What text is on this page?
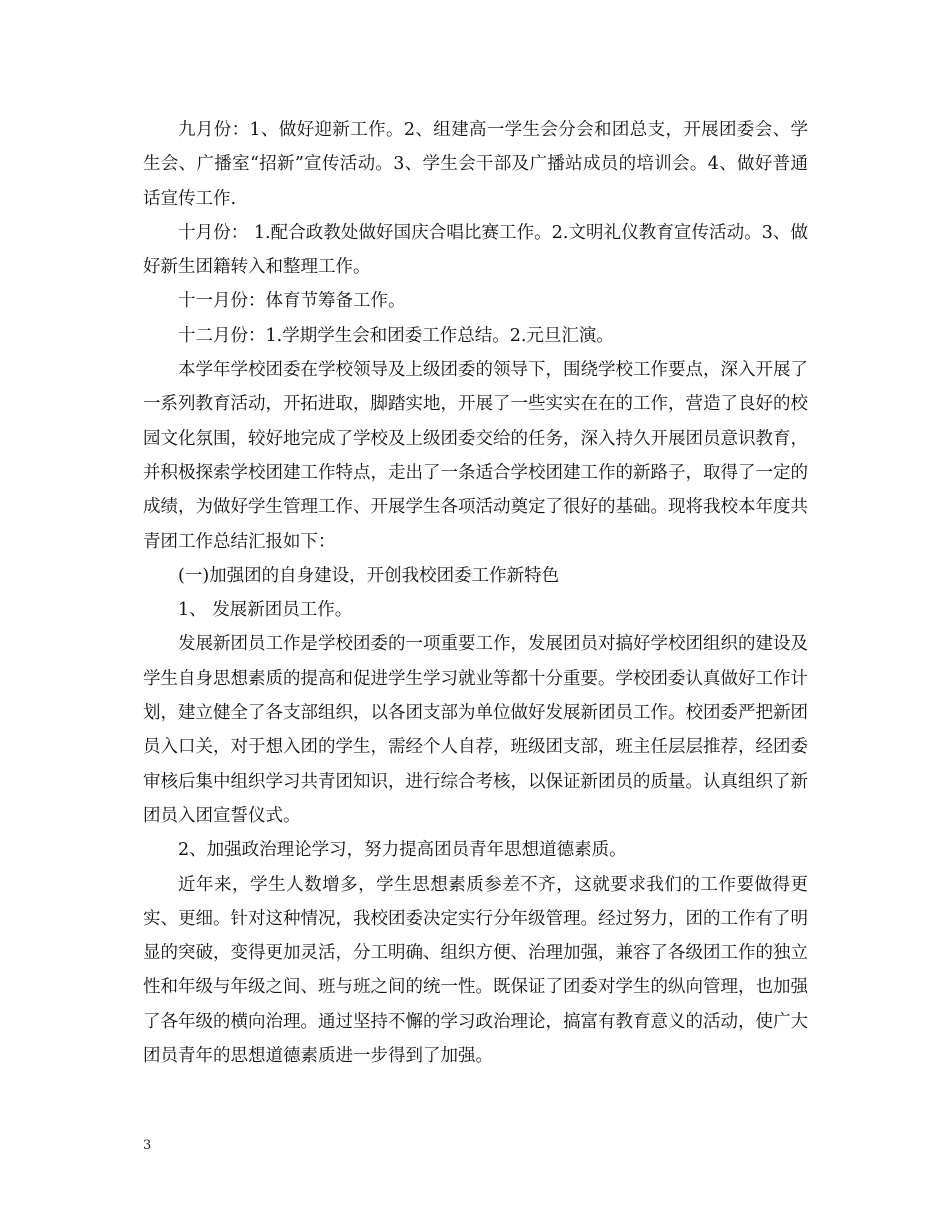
九月份：1、做好迎新工作。2、组建高一学生会分会和团总支，开展团委会、学生会、广播室“招新”宣传活动。3、学生会干部及广播站成员的培训会。4、做好普通话宣传工作.

十月份： 1.配合政教处做好国庆合唱比赛工作。2.文明礼仪教育宣传活动。3、做好新生团籍转入和整理工作。

十一月份：体育节筹备工作。

十二月份：1.学期学生会和团委工作总结。2.元旦汇演。

本学年学校团委在学校领导及上级团委的领导下，围绕学校工作要点，深入开展了一系列教育活动，开拓进取，脚踏实地，开展了一些实实在在的工作，营造了良好的校园文化氛围，较好地完成了学校及上级团委交给的任务，深入持久开展团员意识教育，并积极探索学校团建工作特点，走出了一条适合学校团建工作的新路子，取得了一定的成绩，为做好学生管理工作、开展学生各项活动奠定了很好的基础。现将我校本年度共青团工作总结汇报如下：

(一)加强团的自身建设，开创我校团委工作新特色

1、 发展新团员工作。

发展新团员工作是学校团委的一项重要工作，发展团员对搞好学校团组织的建设及学生自身思想素质的提高和促进学生学习就业等都十分重要。学校团委认真做好工作计划，建立健全了各支部组织，以各团支部为单位做好发展新团员工作。校团委严把新团员入口关，对于想入团的学生，需经个人自荐，班级团支部，班主任层层推荐，经团委审核后集中组织学习共青团知识，进行综合考核，以保证新团员的质量。认真组织了新团员入团宣誓仪式。

2、加强政治理论学习，努力提高团员青年思想道德素质。

近年来，学生人数增多，学生思想素质参差不齐，这就要求我们的工作要做得更实、更细。针对这种情况，我校团委决定实行分年级管理。经过努力，团的工作有了明显的突破，变得更加灵活，分工明确、组织方便、治理加强，兼容了各级团工作的独立性和年级与年级之间、班与班之间的统一性。既保证了团委对学生的纵向管理，也加强了各年级的横向治理。通过坚持不懈的学习政治理论，搞富有教育意义的活动，使广大团员青年的思想道德素质进一步得到了加强。

3
